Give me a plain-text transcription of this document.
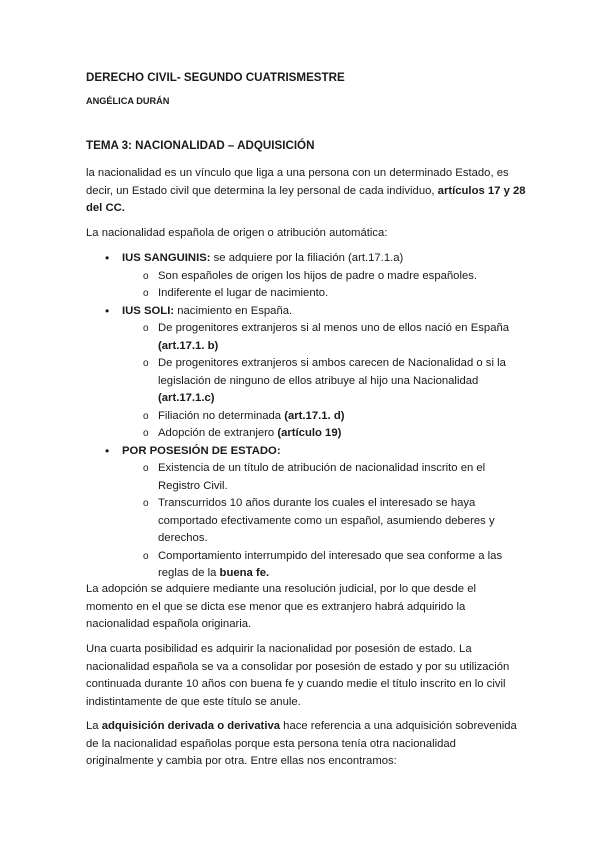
DERECHO CIVIL- SEGUNDO CUATRISMESTRE
ANGÉLICA DURÁN
TEMA 3: NACIONALIDAD – ADQUISICIÓN

la nacionalidad es un vínculo que liga a una persona con un determinado Estado, es decir, un Estado civil que determina la ley personal de cada individuo, artículos 17 y 28 del CC.

La nacionalidad española de origen o atribución automática:

• IUS SANGUINIS: se adquiere por la filiación (art.17.1.a)
o Son españoles de origen los hijos de padre o madre españoles.
o Indiferente el lugar de nacimiento.
• IUS SOLI: nacimiento en España.
o De progenitores extranjeros si al menos uno de ellos nació en España (art.17.1. b)
o De progenitores extranjeros si ambos carecen de Nacionalidad o si la legislación de ninguno de ellos atribuye al hijo una Nacionalidad (art.17.1.c)
o Filiación no determinada (art.17.1. d)
o Adopción de extranjero (artículo 19)
• POR POSESIÓN DE ESTADO:
o Existencia de un título de atribución de nacionalidad inscrito en el Registro Civil.
o Transcurridos 10 años durante los cuales el interesado se haya comportado efectivamente como un español, asumiendo deberes y derechos.
o Comportamiento interrumpido del interesado que sea conforme a las reglas de la buena fe.

La adopción se adquiere mediante una resolución judicial, por lo que desde el momento en el que se dicta ese menor que es extranjero habrá adquirido la nacionalidad española originaria.

Una cuarta posibilidad es adquirir la nacionalidad por posesión de estado. La nacionalidad española se va a consolidar por posesión de estado y por su utilización continuada durante 10 años con buena fe y cuando medie el título inscrito en lo civil indistintamente de que este título se anule.

La adquisición derivada o derivativa hace referencia a una adquisición sobrevenida de la nacionalidad españolas porque esta persona tenía otra nacionalidad originalmente y cambia por otra. Entre ellas nos encontramos:
